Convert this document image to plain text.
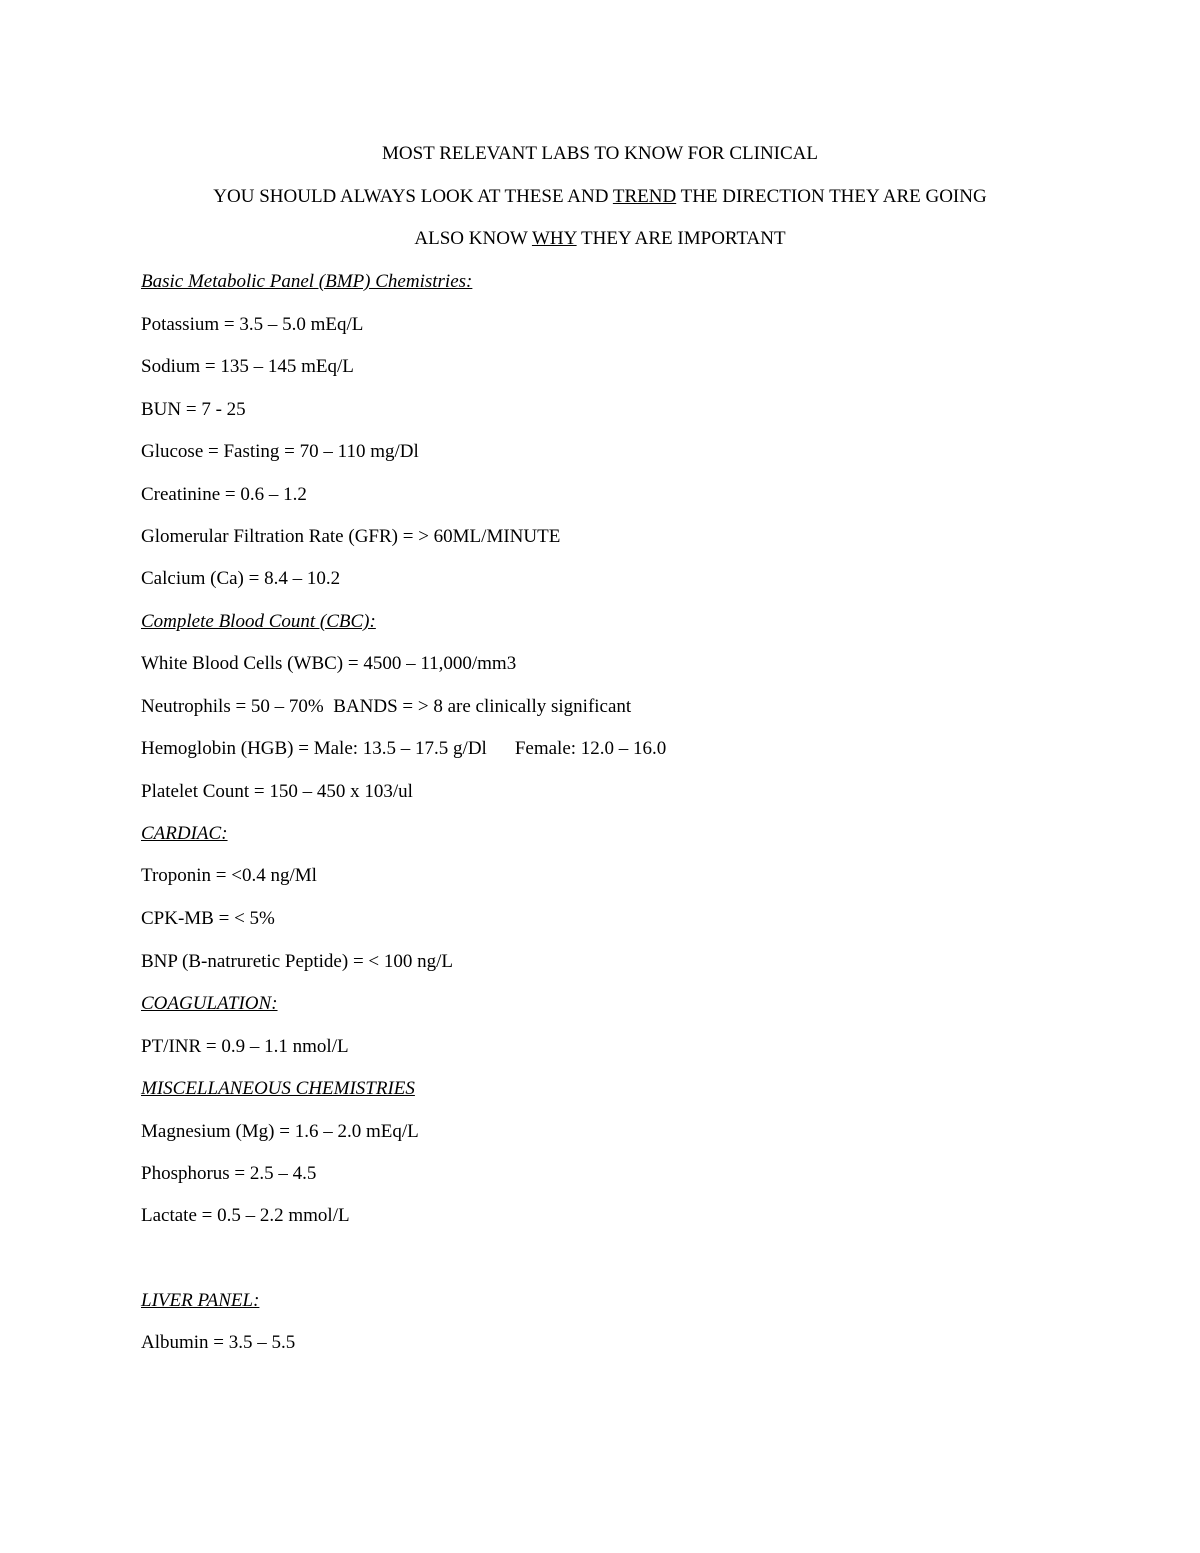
MOST RELEVANT LABS TO KNOW FOR CLINICAL
YOU SHOULD ALWAYS LOOK AT THESE AND TREND THE DIRECTION THEY ARE GOING
ALSO KNOW WHY THEY ARE IMPORTANT
Basic Metabolic Panel (BMP) Chemistries:
Potassium = 3.5 – 5.0 mEq/L
Sodium = 135 – 145 mEq/L
BUN = 7 - 25
Glucose = Fasting = 70 – 110 mg/Dl
Creatinine = 0.6 – 1.2
Glomerular Filtration Rate (GFR) = > 60ML/MINUTE
Calcium (Ca) = 8.4 – 10.2
Complete Blood Count (CBC):
White Blood Cells (WBC) = 4500 – 11,000/mm3
Neutrophils = 50 – 70% BANDS = > 8 are clinically significant
Hemoglobin (HGB) = Male: 13.5 – 17.5 g/Dl Female: 12.0 – 16.0
Platelet Count = 150 – 450 x 103/ul
CARDIAC:
Troponin = <0.4 ng/Ml
CPK-MB = < 5%
BNP (B-natruretic Peptide) = < 100 ng/L
COAGULATION:
PT/INR = 0.9 – 1.1 nmol/L
MISCELLANEOUS CHEMISTRIES
Magnesium (Mg) = 1.6 – 2.0 mEq/L
Phosphorus = 2.5 – 4.5
Lactate = 0.5 – 2.2 mmol/L
LIVER PANEL:
Albumin = 3.5 – 5.5
